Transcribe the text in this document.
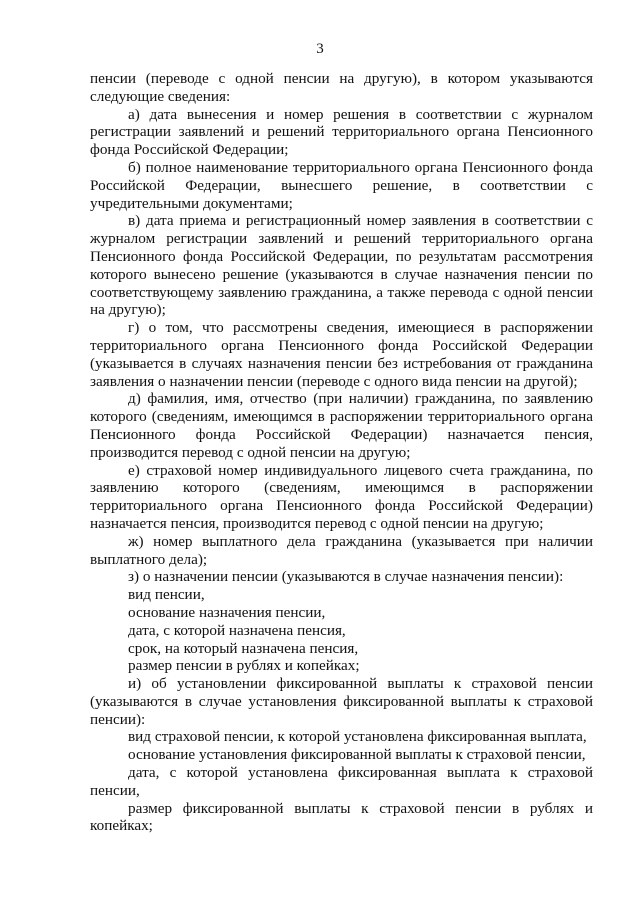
3

пенсии (переводе с одной пенсии на другую), в котором указываются следующие сведения:

а) дата вынесения и номер решения в соответствии с журналом регистрации заявлений и решений территориального органа Пенсионного фонда Российской Федерации;

б) полное наименование территориального органа Пенсионного фонда Российской Федерации, вынесшего решение, в соответствии с учредительными документами;

в) дата приема и регистрационный номер заявления в соответствии с журналом регистрации заявлений и решений территориального органа Пенсионного фонда Российской Федерации, по результатам рассмотрения которого вынесено решение (указываются в случае назначения пенсии по соответствующему заявлению гражданина, а также перевода с одной пенсии на другую);

г) о том, что рассмотрены сведения, имеющиеся в распоряжении территориального органа Пенсионного фонда Российской Федерации (указывается в случаях назначения пенсии без истребования от гражданина заявления о назначении пенсии (переводе с одного вида пенсии на другой);

д) фамилия, имя, отчество (при наличии) гражданина, по заявлению которого (сведениям, имеющимся в распоряжении территориального органа Пенсионного фонда Российской Федерации) назначается пенсия, производится перевод с одной пенсии на другую;

е) страховой номер индивидуального лицевого счета гражданина, по заявлению которого (сведениям, имеющимся в распоряжении территориального органа Пенсионного фонда Российской Федерации) назначается пенсия, производится перевод с одной пенсии на другую;

ж) номер выплатного дела гражданина (указывается при наличии выплатного дела);

з) о назначении пенсии (указываются в случае назначения пенсии):

вид пенсии,

основание назначения пенсии,

дата, с которой назначена пенсия,

срок, на который назначена пенсия,

размер пенсии в рублях и копейках;

и) об установлении фиксированной выплаты к страховой пенсии (указываются в случае установления фиксированной выплаты к страховой пенсии):

вид страховой пенсии, к которой установлена фиксированная выплата,

основание установления фиксированной выплаты к страховой пенсии,

дата, с которой установлена фиксированная выплата к страховой пенсии,

размер фиксированной выплаты к страховой пенсии в рублях и копейках;
